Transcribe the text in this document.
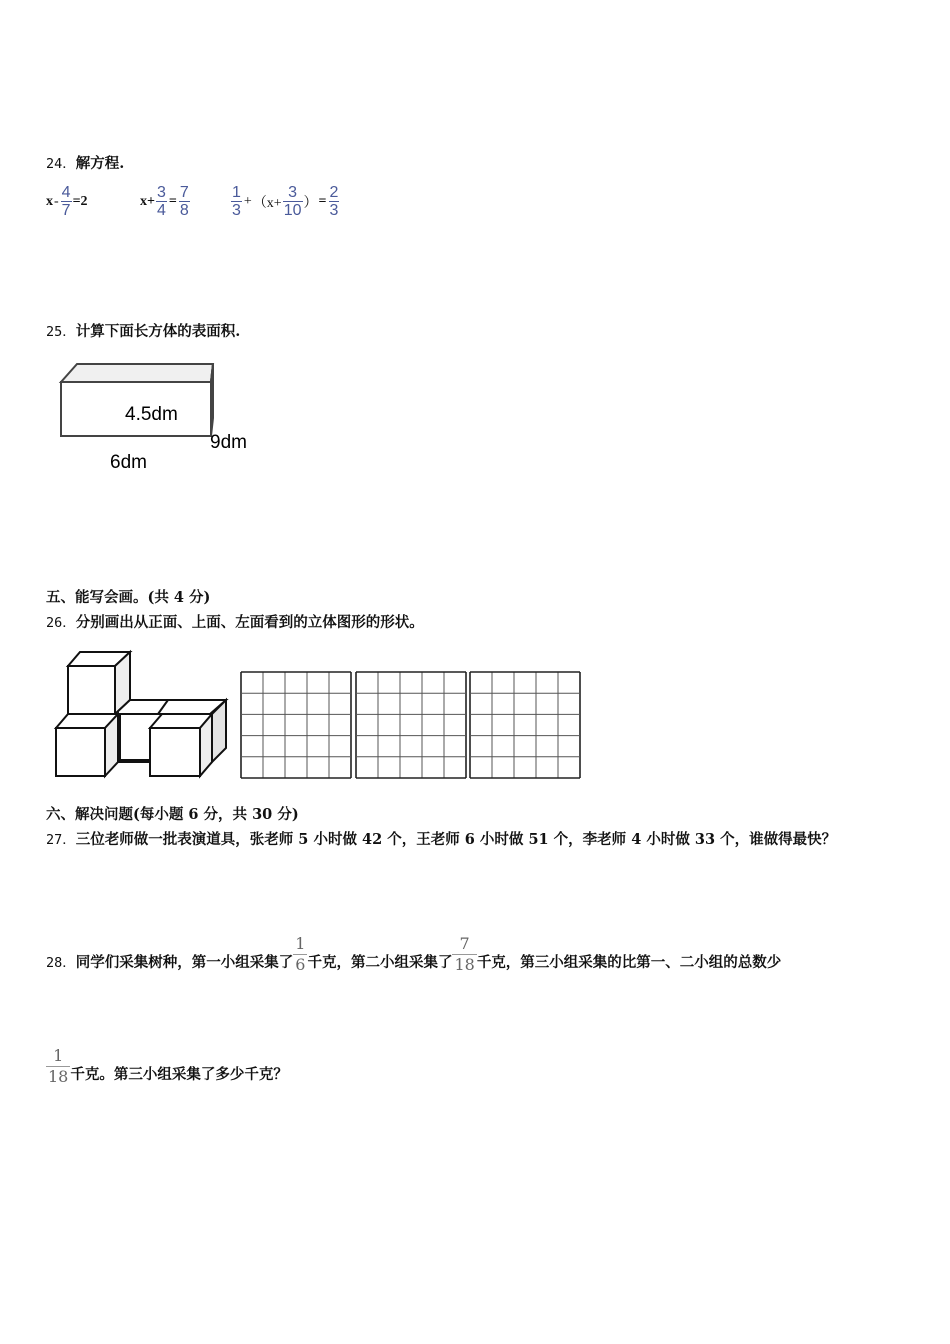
24．解方程.
$x - \frac{4}{7} =2$	$x+ \frac{3}{4} = \frac{7}{8}$	$\frac{1}{3} + (x+ \frac{3}{10}$ ） = $\frac{2}{3}$
25．计算下面长方体的表面积.
4.5dm
9dm
6dm
五、能写会画。(共 4 分)
26．分别画出从正面、上面、左面看到的立体图形的形状。
六、解决问题(每小题 6 分，共 30 分)
27．三位老师做一批表演道具，张老师 5 小时做 42 个，王老师 6 小时做 51 个，李老师 4 小时做 33 个，谁做得最快？
28．同学们采集树种，第一小组采集了
1
6 千克，第二小组采集了
7
18 千克，第三小组采集的比第一、二小组的总数少
1
18 千克。第三小组采集了多少千克？
